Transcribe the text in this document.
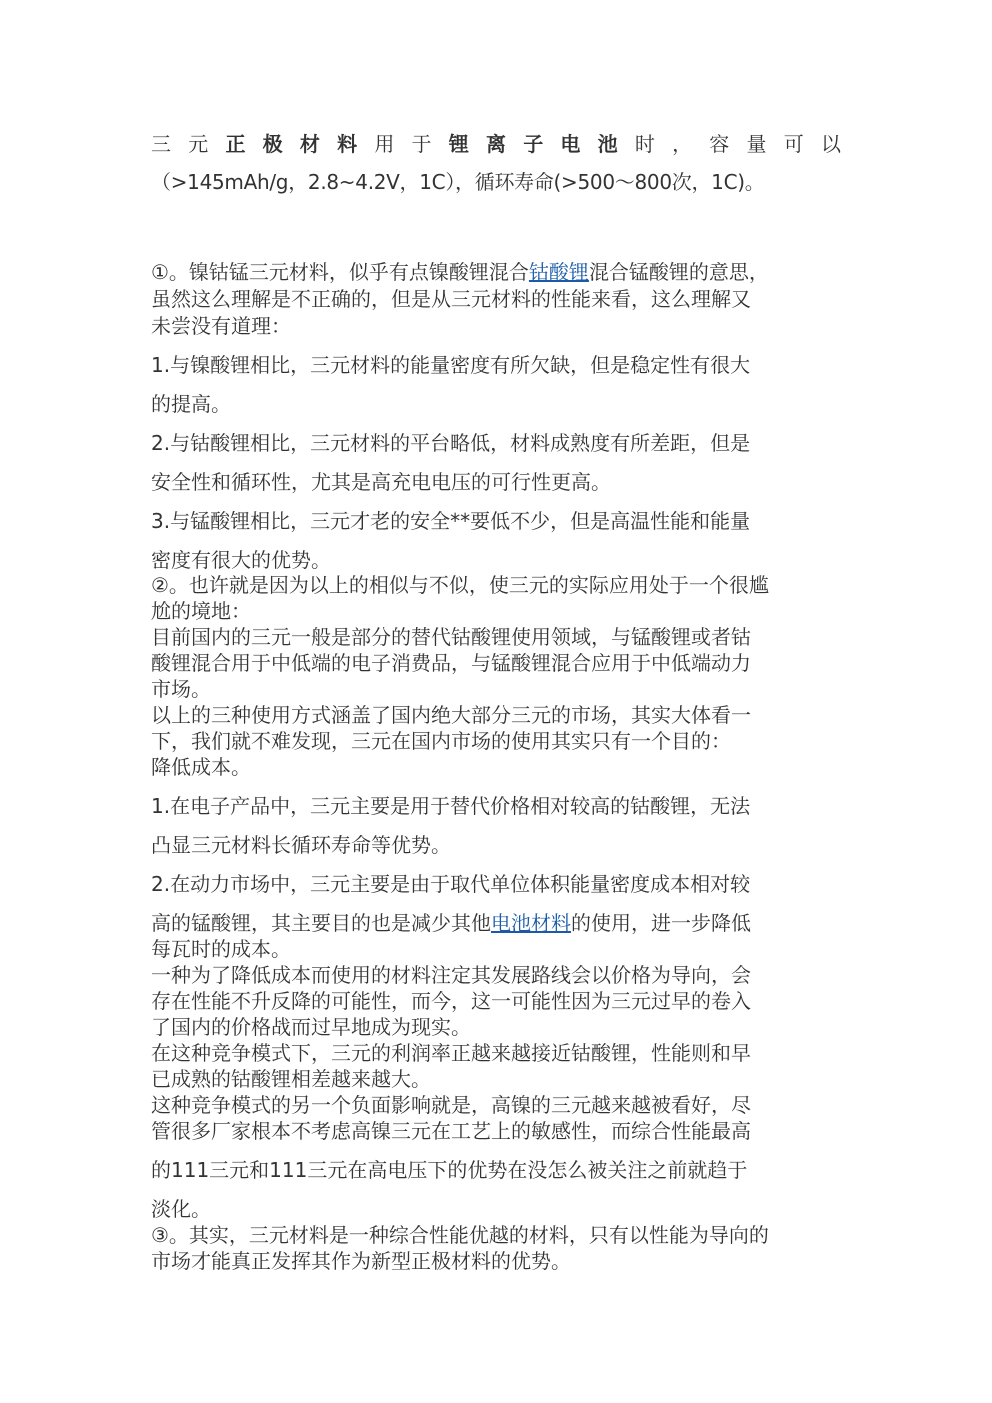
三 元 正 极 材 料 用 于 锂 离 子 电 池 时 ， 容 量 可 以
（>145mAh/g，2.8~4.2V，1C），循环寿命(>500～800次，1C)。
①。镍钴锰三元材料，似乎有点镍酸锂混合钴酸锂混合锰酸锂的意思，
虽然这么理解是不正确的，但是从三元材料的性能来看，这么理解又
未尝没有道理：
1.与镍酸锂相比，三元材料的能量密度有所欠缺，但是稳定性有很大
的提高。
2.与钴酸锂相比，三元材料的平台略低，材料成熟度有所差距，但是
安全性和循环性，尤其是高充电电压的可行性更高。
3.与锰酸锂相比，三元才老的安全**要低不少，但是高温性能和能量
密度有很大的优势。
②。也许就是因为以上的相似与不似，使三元的实际应用处于一个很尴
尬的境地：
目前国内的三元一般是部分的替代钴酸锂使用领域，与锰酸锂或者钴
酸锂混合用于中低端的电子消费品，与锰酸锂混合应用于中低端动力
市场。
以上的三种使用方式涵盖了国内绝大部分三元的市场，其实大体看一
下，我们就不难发现，三元在国内市场的使用其实只有一个目的：
降低成本。
1.在电子产品中，三元主要是用于替代价格相对较高的钴酸锂，无法
凸显三元材料长循环寿命等优势。
2.在动力市场中，三元主要是由于取代单位体积能量密度成本相对较
高的锰酸锂，其主要目的也是减少其他电池材料的使用，进一步降低
每瓦时的成本。
一种为了降低成本而使用的材料注定其发展路线会以价格为导向，会
存在性能不升反降的可能性，而今，这一可能性因为三元过早的卷入
了国内的价格战而过早地成为现实。
在这种竞争模式下，三元的利润率正越来越接近钴酸锂，性能则和早
已成熟的钴酸锂相差越来越大。
这种竞争模式的另一个负面影响就是，高镍的三元越来越被看好，尽
管很多厂家根本不考虑高镍三元在工艺上的敏感性，而综合性能最高
的111三元和111三元在高电压下的优势在没怎么被关注之前就趋于
淡化。
③。其实，三元材料是一种综合性能优越的材料，只有以性能为导向的
市场才能真正发挥其作为新型正极材料的优势。
